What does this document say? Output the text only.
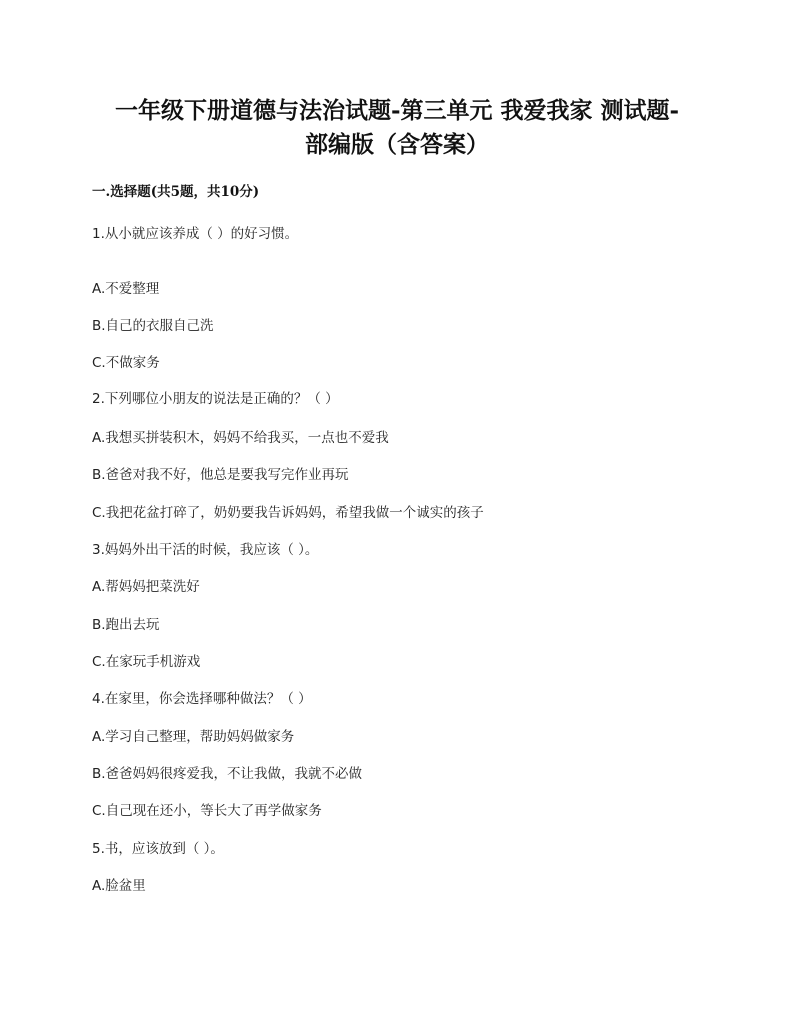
一年级下册道德与法治试题-第三单元 我爱我家 测试题-
部编版（含答案）
一.选择题(共5题，共10分)
1.从小就应该养成（ ）的好习惯。
A.不爱整理
B.自己的衣服自己洗
C.不做家务
2.下列哪位小朋友的说法是正确的？（ ）
A.我想买拼装积木，妈妈不给我买，一点也不爱我
B.爸爸对我不好，他总是要我写完作业再玩
C.我把花盆打碎了，奶奶要我告诉妈妈，希望我做一个诚实的孩子
3.妈妈外出干活的时候，我应该（ ）。
A.帮妈妈把菜洗好
B.跑出去玩
C.在家玩手机游戏
4.在家里，你会选择哪种做法？（ ）
A.学习自己整理，帮助妈妈做家务
B.爸爸妈妈很疼爱我，不让我做，我就不必做
C.自己现在还小，等长大了再学做家务
5.书，应该放到（ ）。
A.脸盆里
